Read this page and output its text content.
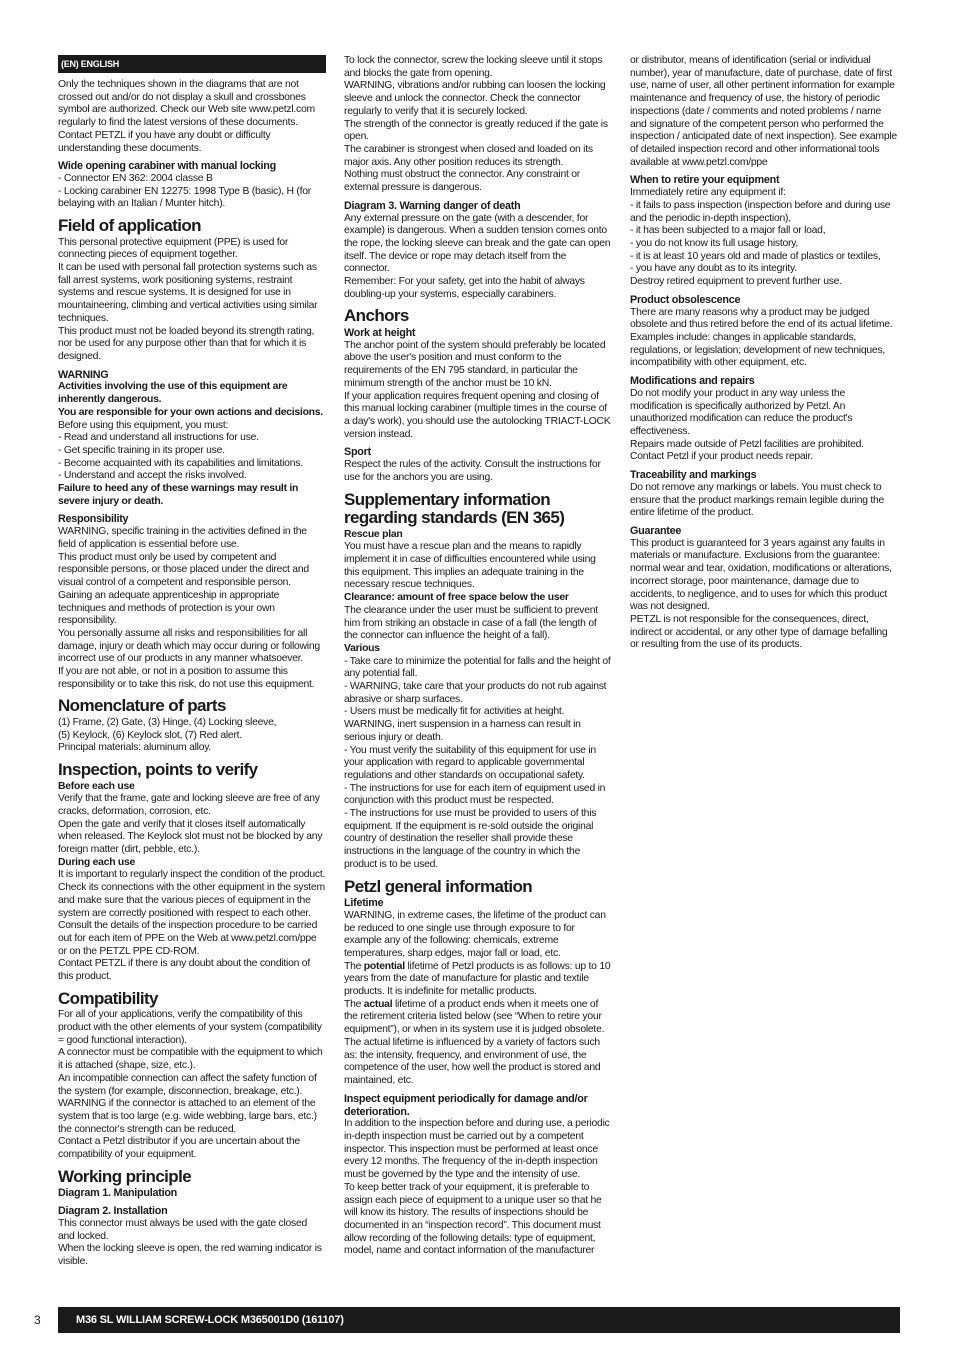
(EN) ENGLISH

Only the techniques shown in the diagrams that are not crossed out and/or do not display a skull and crossbones symbol are authorized. Check our Web site www.petzl.com regularly to find the latest versions of these documents. Contact PETZL if you have any doubt or difficulty understanding these documents.

Wide opening carabiner with manual locking

- Connector EN 362: 2004 classe B

- Locking carabiner EN 12275: 1998 Type B (basic), H (for belaying with an Italian / Munter hitch).

Field of application

This personal protective equipment (PPE) is used for connecting pieces of equipment together.

It can be used with personal fall protection systems such as fall arrest systems, work positioning systems, restraint systems and rescue systems. It is designed for use in mountaineering, climbing and vertical activities using similar techniques.

This product must not be loaded beyond its strength rating, nor be used for any purpose other than that for which it is designed.

WARNING

Activities involving the use of this equipment are inherently dangerous.

You are responsible for your own actions and decisions.

Before using this equipment, you must:

- Read and understand all instructions for use.

- Get specific training in its proper use.

- Become acquainted with its capabilities and limitations.

- Understand and accept the risks involved.

Failure to heed any of these warnings may result in severe injury or death.

Responsibility

WARNING, specific training in the activities defined in the field of application is essential before use.

This product must only be used by competent and responsible persons, or those placed under the direct and visual control of a competent and responsible person.

Gaining an adequate apprenticeship in appropriate techniques and methods of protection is your own responsibility.

You personally assume all risks and responsibilities for all damage, injury or death which may occur during or following incorrect use of our products in any manner whatsoever.

If you are not able, or not in a position to assume this responsibility or to take this risk, do not use this equipment.

Nomenclature of parts

(1) Frame, (2) Gate, (3) Hinge, (4) Locking sleeve,

(5) Keylock, (6) Keylock slot, (7) Red alert.

Principal materials: aluminum alloy.

Inspection, points to verify
Before each use

Verify that the frame, gate and locking sleeve are free of any cracks, deformation, corrosion, etc.

Open the gate and verify that it closes itself automatically when released. The Keylock slot must not be blocked by any foreign matter (dirt, pebble, etc.).

During each use

It is important to regularly inspect the condition of the product.

Check its connections with the other equipment in the system and make sure that the various pieces of equipment in the system are correctly positioned with respect to each other.

Consult the details of the inspection procedure to be carried out for each item of PPE on the Web at www.petzl.com/ppe or on the PETZL PPE CD-ROM.

Contact PETZL if there is any doubt about the condition of this product.

Compatibility

For all of your applications, verify the compatibility of this product with the other elements of your system (compatibility = good functional interaction).

A connector must be compatible with the equipment to which it is attached (shape, size, etc.).

An incompatible connection can affect the safety function of the system (for example, disconnection, breakage, etc.).

WARNING if the connector is attached to an element of the system that is too large (e.g. wide webbing, large bars, etc.) the connector's strength can be reduced.

Contact a Petzl distributor if you are uncertain about the compatibility of your equipment.

Working principle
Diagram 1. Manipulation
Diagram 2. Installation

This connector must always be used with the gate closed and locked.

When the locking sleeve is open, the red warning indicator is visible.

To lock the connector, screw the locking sleeve until it stops and blocks the gate from opening.

WARNING, vibrations and/or rubbing can loosen the locking sleeve and unlock the connector. Check the connector regularly to verify that it is securely locked.

The strength of the connector is greatly reduced if the gate is open.

The carabiner is strongest when closed and loaded on its major axis. Any other position reduces its strength.

Nothing must obstruct the connector. Any constraint or external pressure is dangerous.

Diagram 3. Warning danger of death

Any external pressure on the gate (with a descender, for example) is dangerous. When a sudden tension comes onto the rope, the locking sleeve can break and the gate can open itself. The device or rope may detach itself from the connector.

Remember: For your safety, get into the habit of always doubling-up your systems, especially carabiners.

Anchors
Work at height

The anchor point of the system should preferably be located above the user's position and must conform to the requirements of the EN 795 standard, in particular the minimum strength of the anchor must be 10 kN.

If your application requires frequent opening and closing of this manual locking carabiner (multiple times in the course of a day's work), you should use the autolocking TRIACT-LOCK version instead.

Sport

Respect the rules of the activity. Consult the instructions for use for the anchors you are using.

Supplementary information regarding standards (EN 365)
Rescue plan

You must have a rescue plan and the means to rapidly implement it in case of difficulties encountered while using this equipment. This implies an adequate training in the necessary rescue techniques.

Clearance: amount of free space below the user

The clearance under the user must be sufficient to prevent him from striking an obstacle in case of a fall (the length of the connector can influence the height of a fall).

Various

- Take care to minimize the potential for falls and the height of any potential fall.

- WARNING, take care that your products do not rub against abrasive or sharp surfaces.

- Users must be medically fit for activities at height. WARNING, inert suspension in a harness can result in serious injury or death.

- You must verify the suitability of this equipment for use in your application with regard to applicable governmental regulations and other standards on occupational safety.

- The instructions for use for each item of equipment used in conjunction with this product must be respected.

- The instructions for use must be provided to users of this equipment. If the equipment is re-sold outside the original country of destination the reseller shall provide these instructions in the language of the country in which the product is to be used.

Petzl general information
Lifetime

WARNING, in extreme cases, the lifetime of the product can be reduced to one single use through exposure to for example any of the following: chemicals, extreme temperatures, sharp edges, major fall or load, etc.

The potential lifetime of Petzl products is as follows: up to 10 years from the date of manufacture for plastic and textile products. It is indefinite for metallic products.

The actual lifetime of a product ends when it meets one of the retirement criteria listed below (see “When to retire your equipment”), or when in its system use it is judged obsolete.

The actual lifetime is influenced by a variety of factors such as: the intensity, frequency, and environment of use, the competence of the user, how well the product is stored and maintained, etc.

Inspect equipment periodically for damage and/or deterioration.

In addition to the inspection before and during use, a periodic in-depth inspection must be carried out by a competent inspector. This inspection must be performed at least once every 12 months. The frequency of the in-depth inspection must be governed by the type and the intensity of use.

To keep better track of your equipment, it is preferable to assign each piece of equipment to a unique user so that he will know its history. The results of inspections should be documented in an “inspection record”. This document must allow recording of the following details: type of equipment, model, name and contact information of the manufacturer

or distributor, means of identification (serial or individual number), year of manufacture, date of purchase, date of first use, name of user, all other pertinent information for example maintenance and frequency of use, the history of periodic inspections (date / comments and noted problems / name and signature of the competent person who performed the inspection / anticipated date of next inspection). See example of detailed inspection record and other informational tools available at www.petzl.com/ppe

When to retire your equipment

Immediately retire any equipment if:

- it fails to pass inspection (inspection before and during use and the periodic in-depth inspection),

- it has been subjected to a major fall or load,

- you do not know its full usage history,

- it is at least 10 years old and made of plastics or textiles,

- you have any doubt as to its integrity.

Destroy retired equipment to prevent further use.

Product obsolescence

There are many reasons why a product may be judged obsolete and thus retired before the end of its actual lifetime. Examples include: changes in applicable standards, regulations, or legislation; development of new techniques, incompatibility with other equipment, etc.

Modifications and repairs

Do not modify your product in any way unless the modification is specifically authorized by Petzl. An unauthorized modification can reduce the product's effectiveness.

Repairs made outside of Petzl facilities are prohibited. Contact Petzl if your product needs repair.

Traceability and markings

Do not remove any markings or labels. You must check to ensure that the product markings remain legible during the entire lifetime of the product.

Guarantee

This product is guaranteed for 3 years against any faults in materials or manufacture. Exclusions from the guarantee: normal wear and tear, oxidation, modifications or alterations, incorrect storage, poor maintenance, damage due to accidents, to negligence, and to uses for which this product was not designed.

PETZL is not responsible for the consequences, direct, indirect or accidental, or any other type of damage befalling or resulting from the use of its products.

3	M36 SL WILLIAM SCREW-LOCK M365001D0 (161107)
